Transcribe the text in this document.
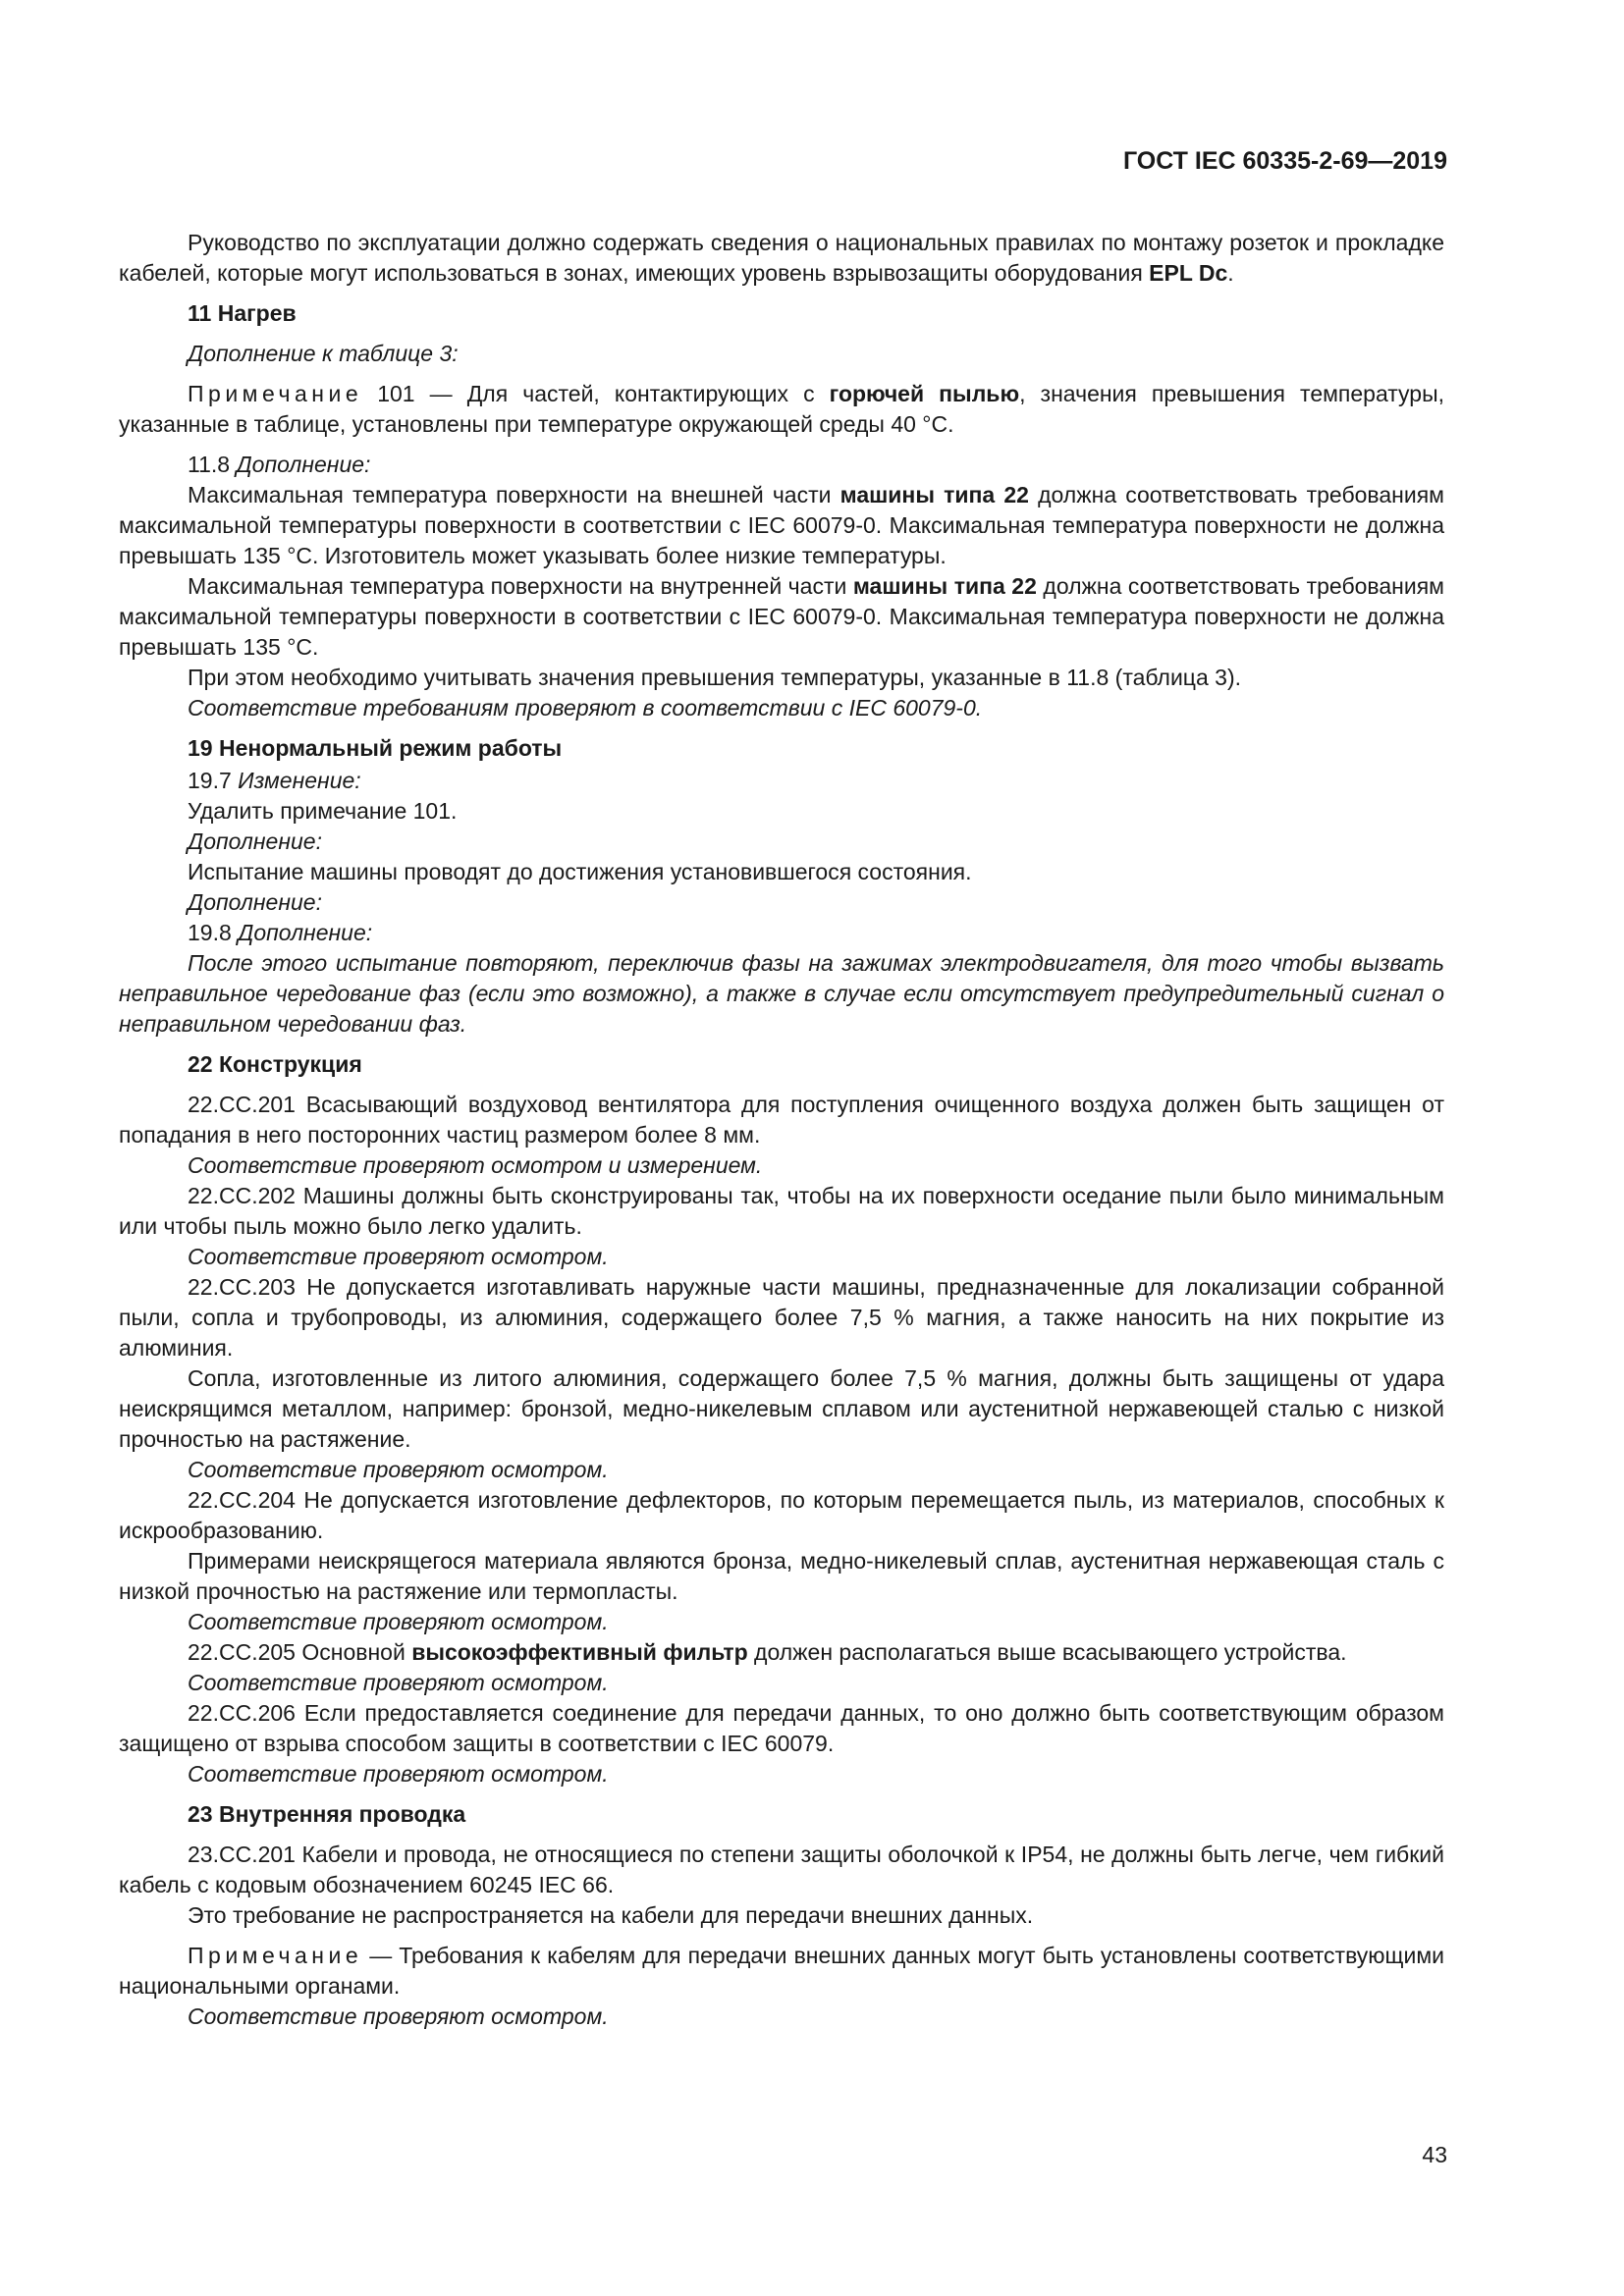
ГОСТ IEC 60335-2-69—2019

Руководство по эксплуатации должно содержать сведения о национальных правилах по монтажу розеток и прокладке кабелей, которые могут использоваться в зонах, имеющих уровень взрывозащиты оборудования EPL Dc.

11 Нагрев

Дополнение к таблице 3:

Примечание 101 — Для частей, контактирующих с горючей пылью, значения превышения температуры, указанные в таблице, установлены при температуре окружающей среды 40 °С.

11.8 Дополнение:

Максимальная температура поверхности на внешней части машины типа 22 должна соответствовать требованиям максимальной температуры поверхности в соответствии с IEC 60079-0. Максимальная температура поверхности не должна превышать 135 °С. Изготовитель может указывать более низкие температуры.

Максимальная температура поверхности на внутренней части машины типа 22 должна соответствовать требованиям максимальной температуры поверхности в соответствии с IEC 60079-0. Максимальная температура поверхности не должна превышать 135 °С.

При этом необходимо учитывать значения превышения температуры, указанные в 11.8 (таблица 3).

Соответствие требованиям проверяют в соответствии с IEC 60079-0.

19 Ненормальный режим работы

19.7 Изменение:

Удалить примечание 101.

Дополнение:

Испытание машины проводят до достижения установившегося состояния.

Дополнение:

19.8 Дополнение:

После этого испытание повторяют, переключив фазы на зажимах электродвигателя, для того чтобы вызвать неправильное чередование фаз (если это возможно), а также в случае если отсутствует предупредительный сигнал о неправильном чередовании фаз.

22 Конструкция

22.СС.201 Всасывающий воздуховод вентилятора для поступления очищенного воздуха должен быть защищен от попадания в него посторонних частиц размером более 8 мм.

Соответствие проверяют осмотром и измерением.

22.СС.202 Машины должны быть сконструированы так, чтобы на их поверхности оседание пыли было минимальным или чтобы пыль можно было легко удалить.

Соответствие проверяют осмотром.

22.СС.203 Не допускается изготавливать наружные части машины, предназначенные для локализации собранной пыли, сопла и трубопроводы, из алюминия, содержащего более 7,5 % магния, а также наносить на них покрытие из алюминия.

Сопла, изготовленные из литого алюминия, содержащего более 7,5 % магния, должны быть защищены от удара неискрящимся металлом, например: бронзой, медно-никелевым сплавом или аустенитной нержавеющей сталью с низкой прочностью на растяжение.

Соответствие проверяют осмотром.

22.СС.204 Не допускается изготовление дефлекторов, по которым перемещается пыль, из материалов, способных к искрообразованию.

Примерами неискрящегося материала являются бронза, медно-никелевый сплав, аустенитная нержавеющая сталь с низкой прочностью на растяжение или термопласты.

Соответствие проверяют осмотром.

22.СС.205 Основной высокоэффективный фильтр должен располагаться выше всасывающего устройства.

Соответствие проверяют осмотром.

22.СС.206 Если предоставляется соединение для передачи данных, то оно должно быть соответствующим образом защищено от взрыва способом защиты в соответствии с IEC 60079.

Соответствие проверяют осмотром.

23 Внутренняя проводка

23.СС.201 Кабели и провода, не относящиеся по степени защиты оболочкой к IP54, не должны быть легче, чем гибкий кабель с кодовым обозначением 60245 IEC 66.

Это требование не распространяется на кабели для передачи внешних данных.

Примечание — Требования к кабелям для передачи внешних данных могут быть установлены соответствующими национальными органами.

Соответствие проверяют осмотром.

43
